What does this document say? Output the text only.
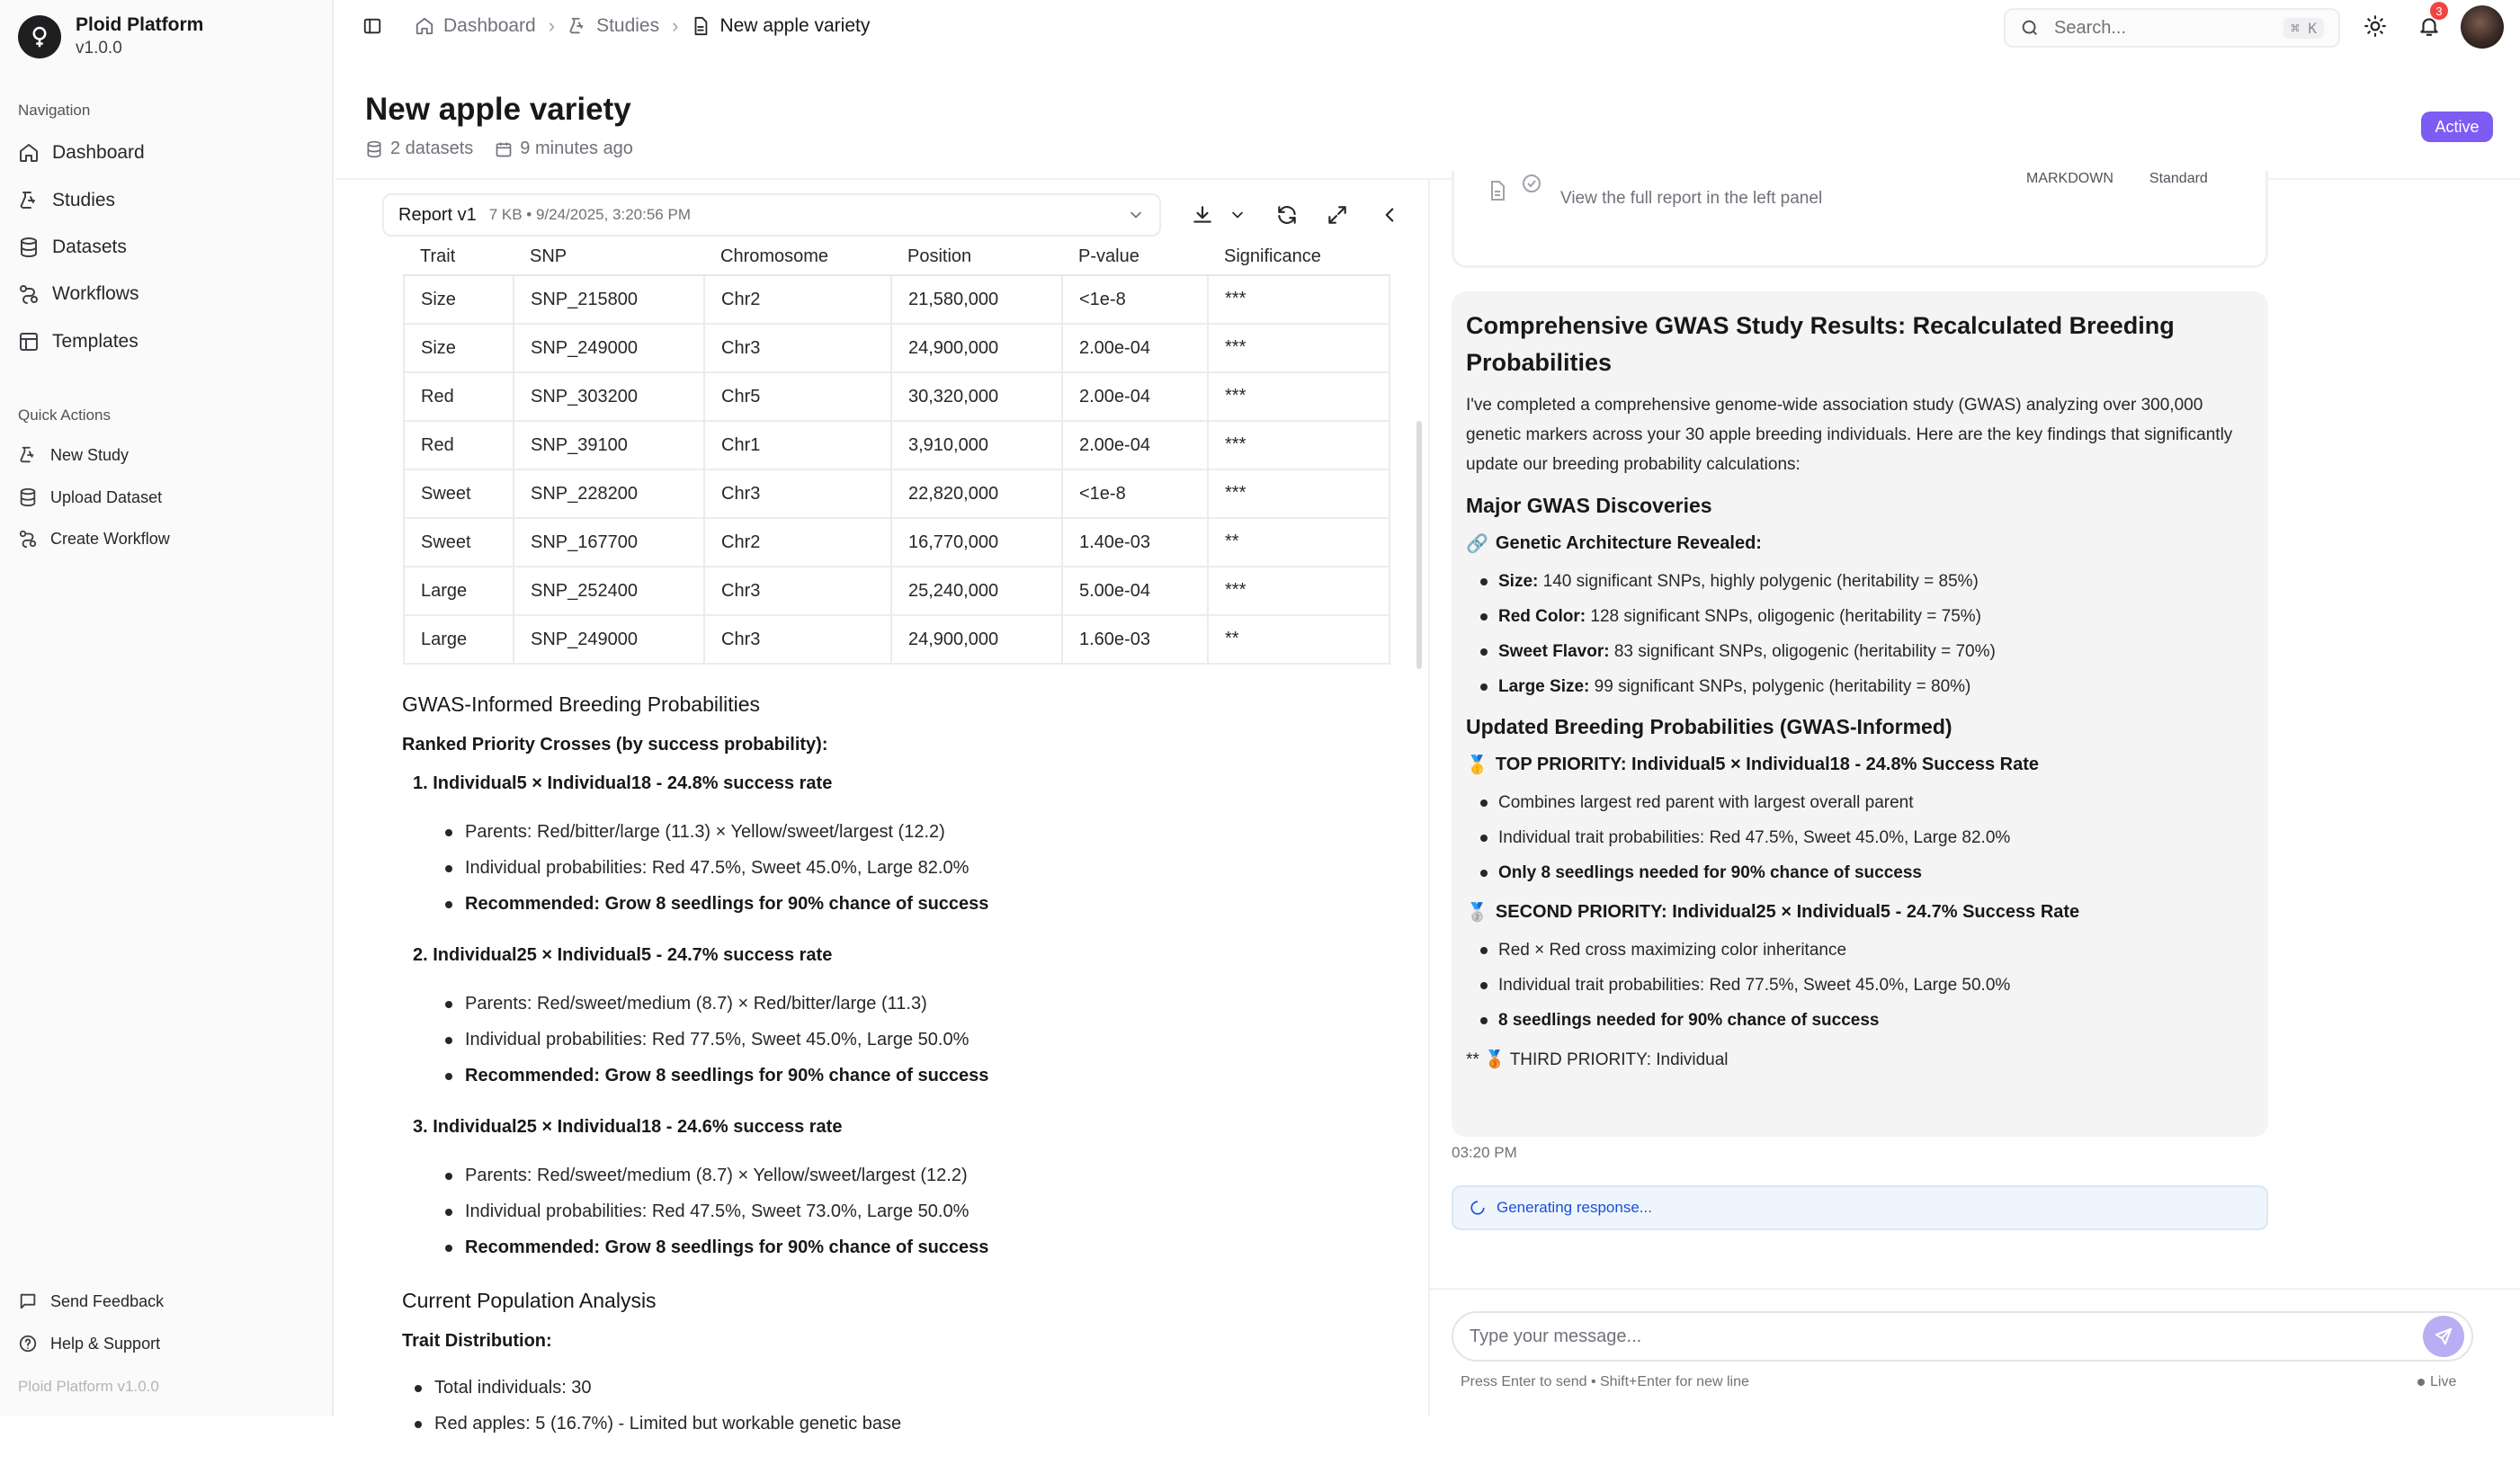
Ploid Platform
v1.0.0
Navigation
Dashboard
Studies
Datasets
Workflows
Templates
Quick Actions
New Study
Upload Dataset
Create Workflow
Send Feedback
Help & Support
Ploid Platform v1.0.0
Dashboard › Studies › New apple variety	Search...	⌘ K
3
New apple variety
2 datasets	9 minutes ago
Active
Report v1 7 KB • 9/24/2025, 3:20:56 PM
Trait	SNP	Chromosome	Position	P-value	Significance
Size	SNP_215800	Chr2	21,580,000	<1e-8	***
Size	SNP_249000	Chr3	24,900,000	2.00e-04	***
Red	SNP_303200	Chr5	30,320,000	2.00e-04	***
Red	SNP_39100	Chr1	3,910,000	2.00e-04	***
Sweet	SNP_228200	Chr3	22,820,000	<1e-8	***
Sweet	SNP_167700	Chr2	16,770,000	1.40e-03	**
Large	SNP_252400	Chr3	25,240,000	5.00e-04	***
Large	SNP_249000	Chr3	24,900,000	1.60e-03	**
GWAS-Informed Breeding Probabilities
Ranked Priority Crosses (by success probability):
1. Individual5 × Individual18 - 24.8% success rate
Parents: Red/bitter/large (11.3) × Yellow/sweet/largest (12.2)
Individual probabilities: Red 47.5%, Sweet 45.0%, Large 82.0%
Recommended: Grow 8 seedlings for 90% chance of success
2. Individual25 × Individual5 - 24.7% success rate
Parents: Red/sweet/medium (8.7) × Red/bitter/large (11.3)
Individual probabilities: Red 77.5%, Sweet 45.0%, Large 50.0%
Recommended: Grow 8 seedlings for 90% chance of success
3. Individual25 × Individual18 - 24.6% success rate
Parents: Red/sweet/medium (8.7) × Yellow/sweet/largest (12.2)
Individual probabilities: Red 47.5%, Sweet 73.0%, Large 50.0%
Recommended: Grow 8 seedlings for 90% chance of success
Current Population Analysis
Trait Distribution:
Total individuals: 30
Red apples: 5 (16.7%) - Limited but workable genetic base
View the full report in the left panel
MARKDOWN	Standard
Comprehensive GWAS Study Results: Recalculated Breeding Probabilities
I've completed a comprehensive genome-wide association study (GWAS) analyzing over 300,000 genetic markers across your 30 apple breeding individuals. Here are the key findings that significantly update our breeding probability calculations:
Major GWAS Discoveries
🔗 Genetic Architecture Revealed:
Size: 140 significant SNPs, highly polygenic (heritability = 85%)
Red Color: 128 significant SNPs, oligogenic (heritability = 75%)
Sweet Flavor: 83 significant SNPs, oligogenic (heritability = 70%)
Large Size: 99 significant SNPs, polygenic (heritability = 80%)
Updated Breeding Probabilities (GWAS-Informed)
🥇 TOP PRIORITY: Individual5 × Individual18 - 24.8% Success Rate
Combines largest red parent with largest overall parent
Individual trait probabilities: Red 47.5%, Sweet 45.0%, Large 82.0%
Only 8 seedlings needed for 90% chance of success
🥈 SECOND PRIORITY: Individual25 × Individual5 - 24.7% Success Rate
Red × Red cross maximizing color inheritance
Individual trait probabilities: Red 77.5%, Sweet 45.0%, Large 50.0%
8 seedlings needed for 90% chance of success
** 🥉 THIRD PRIORITY: Individual
03:20 PM
Generating response...
Type your message...
Press Enter to send • Shift+Enter for new line	Live
